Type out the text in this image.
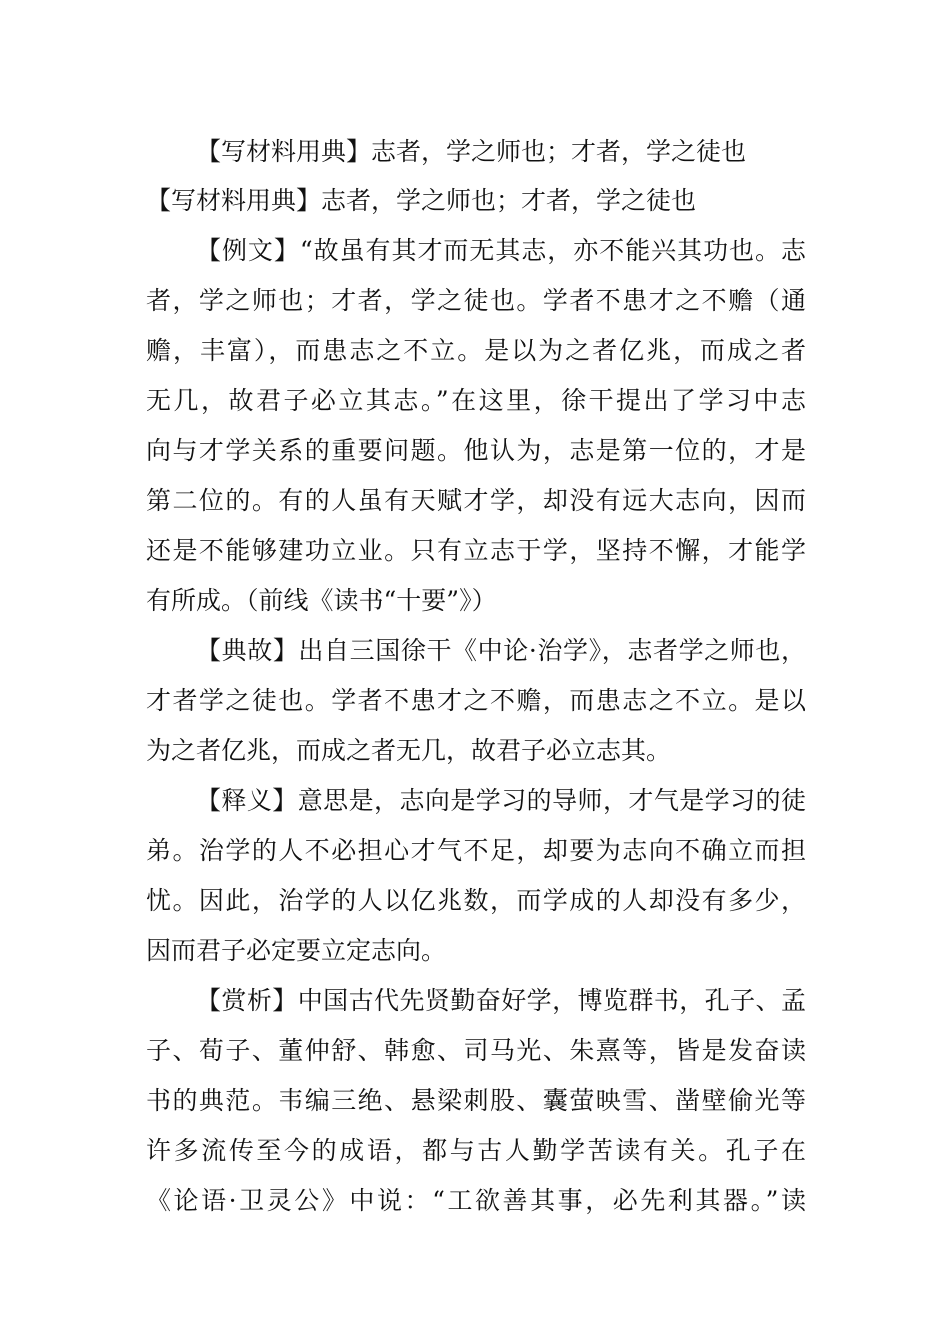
【写材料用典】志者，学之师也；才者，学之徒也
【写材料用典】志者，学之师也；才者，学之徒也
【例文】“故虽有其才而无其志，亦不能兴其功也。志
者，学之师也；才者，学之徒也。学者不患才之不赡（通
赡，丰富），而患志之不立。是以为之者亿兆，而成之者
无几，故君子必立其志。”在这里，徐干提出了学习中志
向与才学关系的重要问题。他认为，志是第一位的，才是
第二位的。有的人虽有天赋才学，却没有远大志向，因而
还是不能够建功立业。只有立志于学，坚持不懈，才能学
有所成。（前线《读书“十要”》）
【典故】出自三国徐干《中论·治学》，志者学之师也，
才者学之徒也。学者不患才之不赡，而患志之不立。是以
为之者亿兆，而成之者无几，故君子必立志其。
【释义】意思是，志向是学习的导师，才气是学习的徒
弟。治学的人不必担心才气不足，却要为志向不确立而担
忧。因此，治学的人以亿兆数，而学成的人却没有多少，
因而君子必定要立定志向。
【赏析】中国古代先贤勤奋好学，博览群书，孔子、孟
子、荀子、董仲舒、韩愈、司马光、朱熹等，皆是发奋读
书的典范。韦编三绝、悬梁刺股、囊萤映雪、凿壁偷光等
许多流传至今的成语，都与古人勤学苦读有关。孔子在
《论语·卫灵公》中说：“工欲善其事，必先利其器。”读
